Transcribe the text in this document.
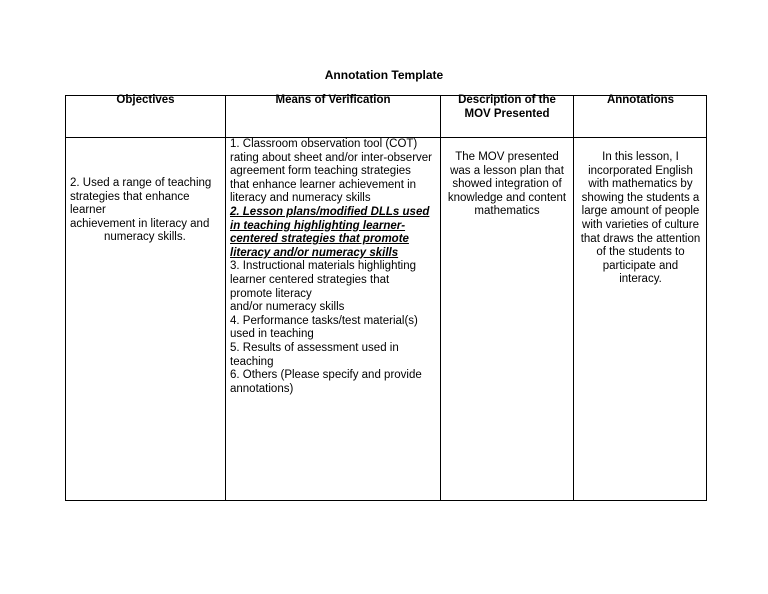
Annotation Template
Objectives	Means of Verification	Description of the
MOV Presented
Annotations
2. Used a range of teaching
strategies that enhance
learner
achievement in literacy and
numeracy skills.
1. Classroom observation tool (COT)
rating about sheet and/or inter-observer
agreement form teaching strategies
that enhance learner achievement in
literacy and numeracy skills
2. Lesson plans/modified DLLs used
in teaching highlighting learner-
centered strategies that promote
literacy and/or numeracy skills
3. Instructional materials highlighting
learner centered strategies that
promote literacy
and/or numeracy skills
4. Performance tasks/test material(s)
used in teaching
5. Results of assessment used in
teaching
6. Others (Please specify and provide
annotations)
The MOV presented
was a lesson plan that
showed integration of
knowledge and content
mathematics
In this lesson, I
incorporated English
with mathematics by
showing the students a
large amount of people
with varieties of culture
that draws the attention
of the students to
participate and
interacy.
